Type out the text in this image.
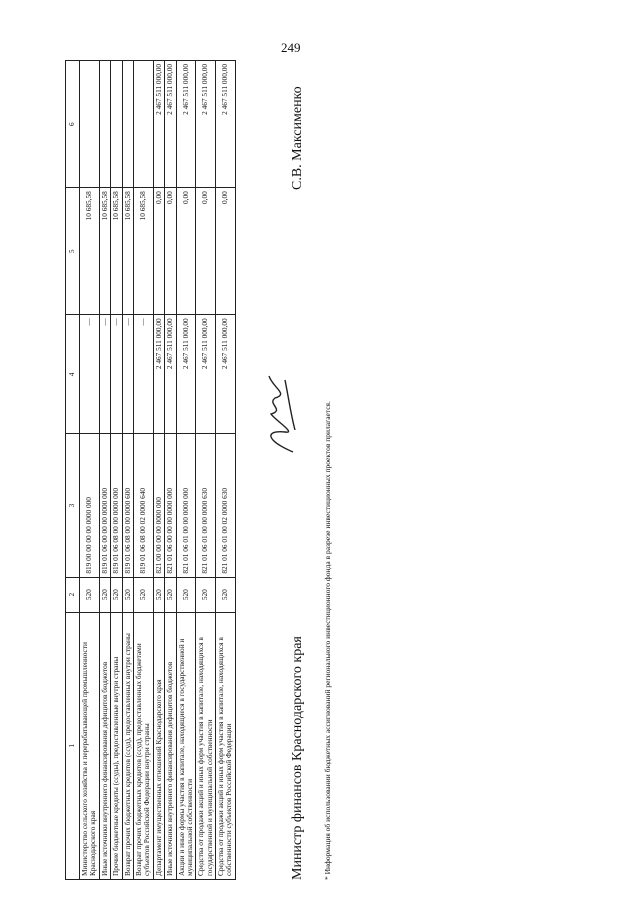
249
1	2	3	4	5	6
Министерство сельского хозяйства и перерабатывающей промышленности Краснодарского края	520	819 00 00 00 00 0000 000	—	10 685,58	
Иные источники внутреннего финансирования дефицитов бюджетов	520	819 01 06 00 00 00 0000 000	—	10 685,58	
Прочие бюджетные кредиты (ссуды), предоставленные внутри страны	520	819 01 06 08 00 00 0000 000	—	10 685,58	
Возврат прочих бюджетных кредитов (ссуд), предоставленных внутри страны	520	819 01 06 08 00 00 0000 600	—	10 685,58	
Возврат прочих бюджетных кредитов (ссуд), предоставленных бюджетами субъектов Российской Федерации внутри страны	520	819 01 06 08 00 02 0000 640	—	10 685,58	
Департамент имущественных отношений Краснодарского края	520	821 00 00 00 00 0000 000	2 467 511 000,00	0,00	2 467 511 000,00
Иные источники внутреннего финансирования дефицитов бюджетов	520	821 01 06 00 00 00 0000 000	2 467 511 000,00	0,00	2 467 511 000,00
Акции и иные формы участия в капитале, находящиеся в государственной и муниципальной собственности	520	821 01 06 01 00 00 0000 000	2 467 511 000,00	0,00	2 467 511 000,00
Средства от продажи акций и иных форм участия в капитале, находящихся в государственной и муниципальной собственности	520	821 01 06 01 00 00 0000 630	2 467 511 000,00	0,00	2 467 511 000,00
Средства от продажи акций и иных форм участия в капитале, находящихся в собственности субъектов Российской Федерации	520	821 01 06 01 00 02 0000 630	2 467 511 000,00	0,00	2 467 511 000,00
* Информация об использовании бюджетных ассигнований регионального инвестиционного фонда в разрезе инвестиционных проектов прилагается.
Министр финансов Краснодарского края
С.В. Максименко
